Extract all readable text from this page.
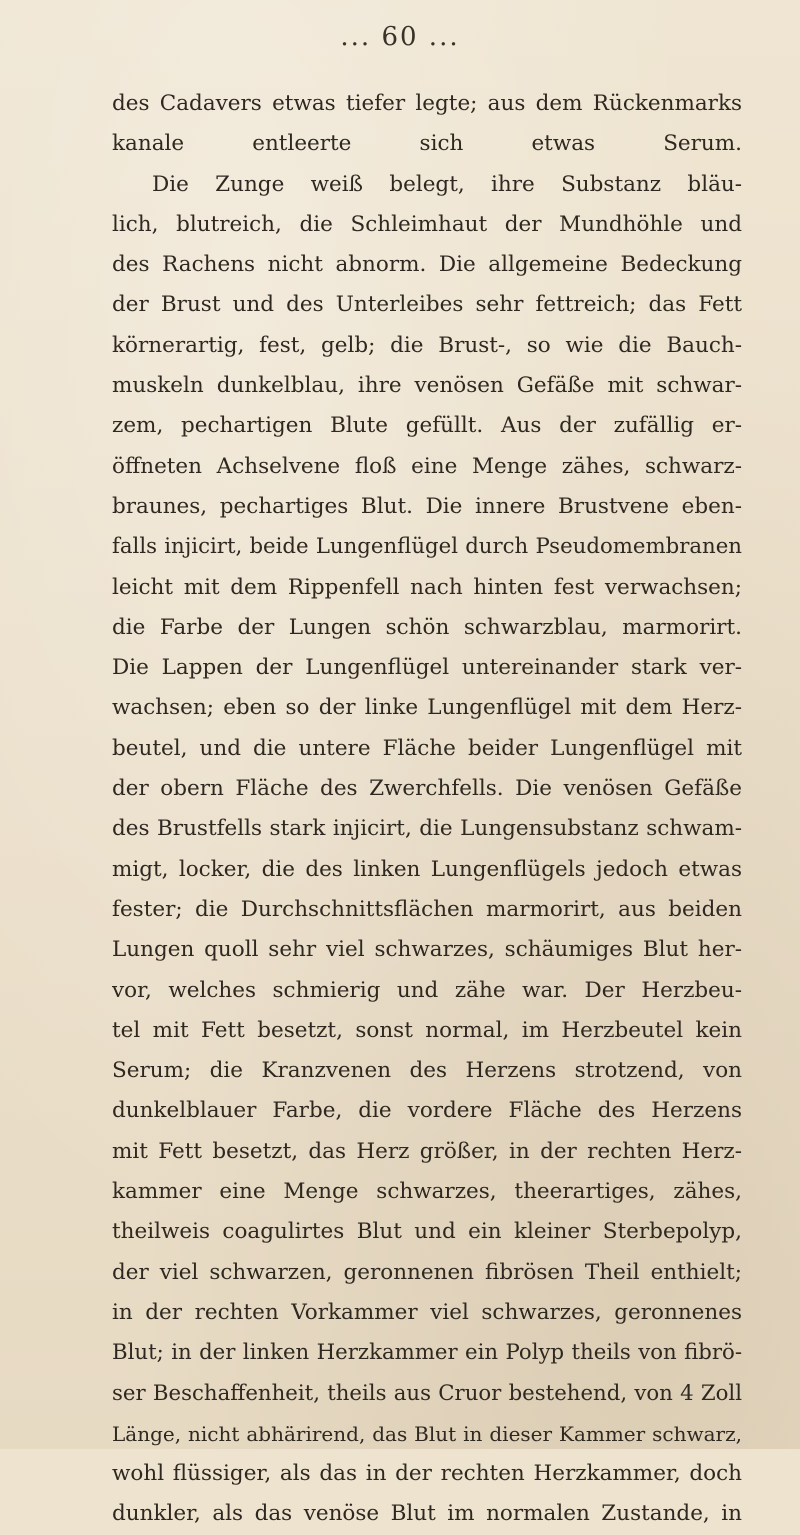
... 60 ...
des Cadavers etwas tiefer legte; aus dem Rückenmarks
kanale entleerte sich etwas Serum.
Die Zunge weiß belegt, ihre Substanz bläu-
lich, blutreich, die Schleimhaut der Mundhöhle und
des Rachens nicht abnorm. Die allgemeine Bedeckung
der Brust und des Unterleibes sehr fettreich; das Fett
körnerartig, fest, gelb; die Brust-, so wie die Bauch-
muskeln dunkelblau, ihre venösen Gefäße mit schwar-
zem, pechartigen Blute gefüllt. Aus der zufällig er-
öffneten Achselvene floß eine Menge zähes, schwarz-
braunes, pechartiges Blut. Die innere Brustvene eben-
falls injicirt, beide Lungenflügel durch Pseudomembranen
leicht mit dem Rippenfell nach hinten fest verwachsen;
die Farbe der Lungen schön schwarzblau, marmorirt.
Die Lappen der Lungenflügel untereinander stark ver-
wachsen; eben so der linke Lungenflügel mit dem Herz-
beutel, und die untere Fläche beider Lungenflügel mit
der obern Fläche des Zwerchfells. Die venösen Gefäße
des Brustfells stark injicirt, die Lungensubstanz schwam-
migt, locker, die des linken Lungenflügels jedoch etwas
fester; die Durchschnittsflächen marmorirt, aus beiden
Lungen quoll sehr viel schwarzes, schäumiges Blut her-
vor, welches schmierig und zähe war. Der Herzbeu-
tel mit Fett besetzt, sonst normal, im Herzbeutel kein
Serum; die Kranzvenen des Herzens strotzend, von
dunkelblauer Farbe, die vordere Fläche des Herzens
mit Fett besetzt, das Herz größer, in der rechten Herz-
kammer eine Menge schwarzes, theerartiges, zähes,
theilweis coagulirtes Blut und ein kleiner Sterbepolyp,
der viel schwarzen, geronnenen fibrösen Theil enthielt;
in der rechten Vorkammer viel schwarzes, geronnenes
Blut; in der linken Herzkammer ein Polyp theils von fibrö-
ser Beschaffenheit, theils aus Cruor bestehend, von 4 Zoll
Länge, nicht abhärirend, das Blut in dieser Kammer schwarz,
wohl flüssiger, als das in der rechten Herzkammer, doch
dunkler, als das venöse Blut im normalen Zustande, in
